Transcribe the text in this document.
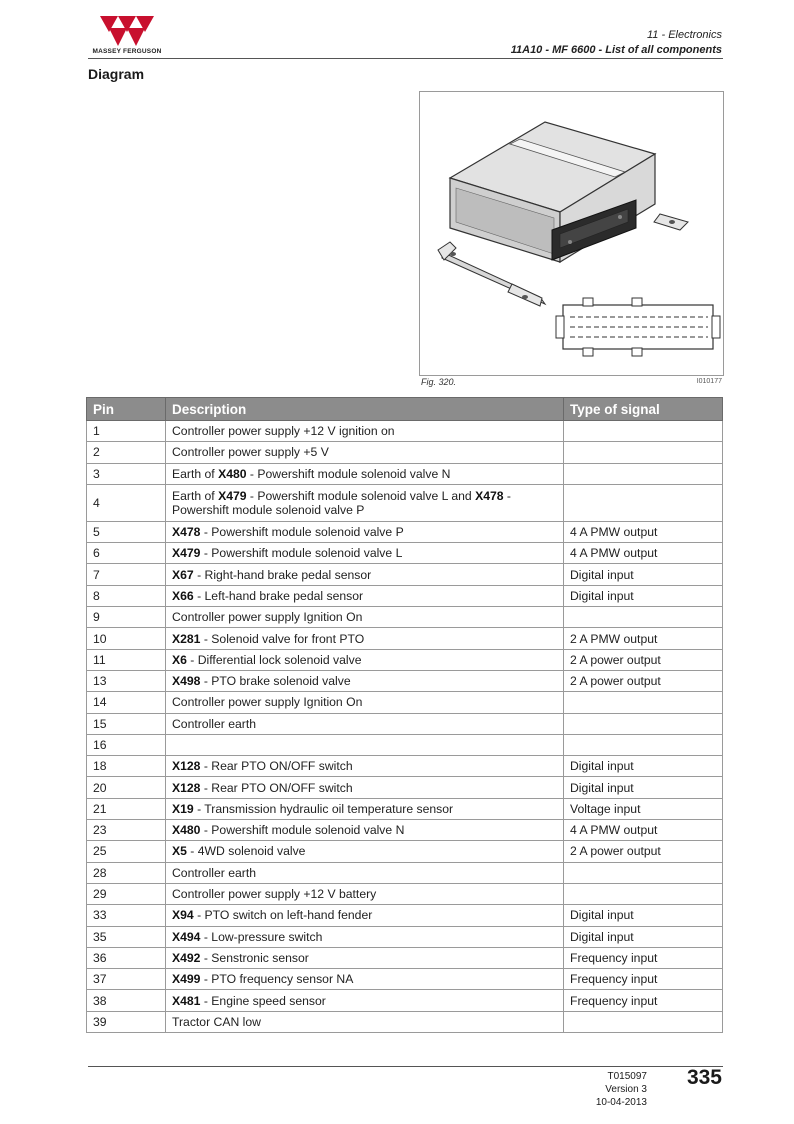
MASSEY FERGUSON
11 - Electronics
11A10 - MF 6600 - List of all components
Diagram
Fig. 320.	I010177
Pin	Description	Type of signal
1	Controller power supply +12 V ignition on	
2	Controller power supply +5 V	
3	Earth of X480 - Powershift module solenoid valve N	
4	Earth of X479 - Powershift module solenoid valve L and X478 - Powershift module solenoid valve P	
5	X478 - Powershift module solenoid valve P	4 A PMW output
6	X479 - Powershift module solenoid valve L	4 A PMW output
7	X67 - Right-hand brake pedal sensor	Digital input
8	X66 - Left-hand brake pedal sensor	Digital input
9	Controller power supply Ignition On	
10	X281 - Solenoid valve for front PTO	2 A PMW output
11	X6 - Differential lock solenoid valve	2 A power output
13	X498 - PTO brake solenoid valve	2 A power output
14	Controller power supply Ignition On	
15	Controller earth	
16		
18	X128 - Rear PTO ON/OFF switch	Digital input
20	X128 - Rear PTO ON/OFF switch	Digital input
21	X19 - Transmission hydraulic oil temperature sensor	Voltage input
23	X480 - Powershift module solenoid valve N	4 A PMW output
25	X5 - 4WD solenoid valve	2 A power output
28	Controller earth	
29	Controller power supply +12 V battery	
33	X94 - PTO switch on left-hand fender	Digital input
35	X494 - Low-pressure switch	Digital input
36	X492 - Senstronic sensor	Frequency input
37	X499 - PTO frequency sensor NA	Frequency input
38	X481 - Engine speed sensor	Frequency input
39	Tractor CAN low	
T015097
Version 3
10-04-2013
335
